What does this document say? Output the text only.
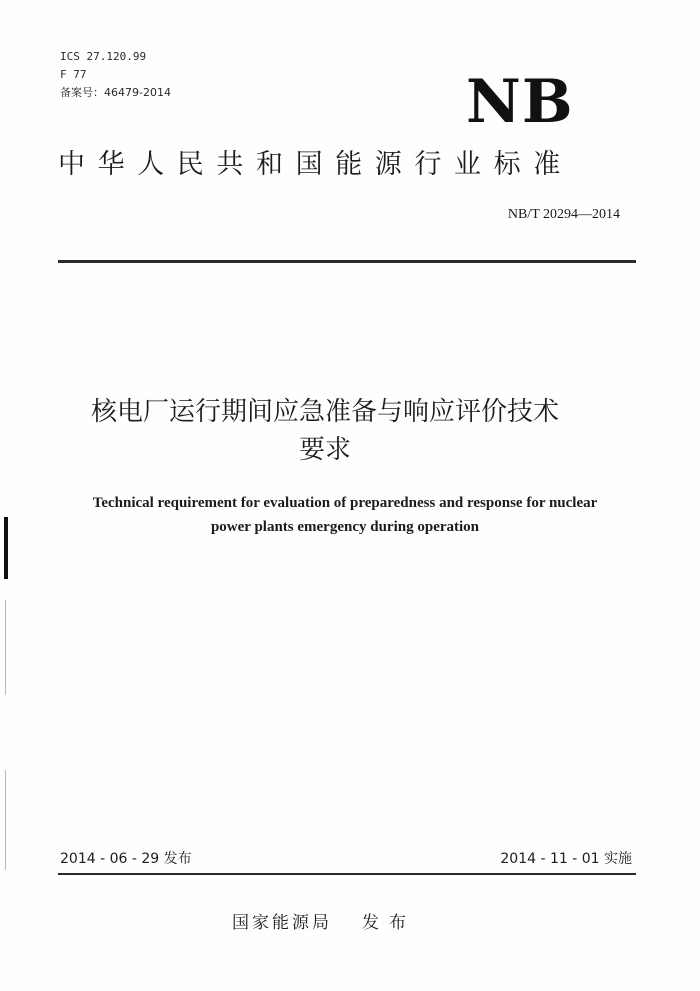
ICS 27.120.99
F 77
备案号：46479-2014	NB
中华人民共和国能源行业标准
NB/T 20294—2014
核电厂运行期间应急准备与响应评价技术
要求
Technical requirement for evaluation of preparedness and response for nuclear
power plants emergency during operation
2014 - 06 - 29 发布	2014 - 11 - 01 实施
国家能源局 发布
